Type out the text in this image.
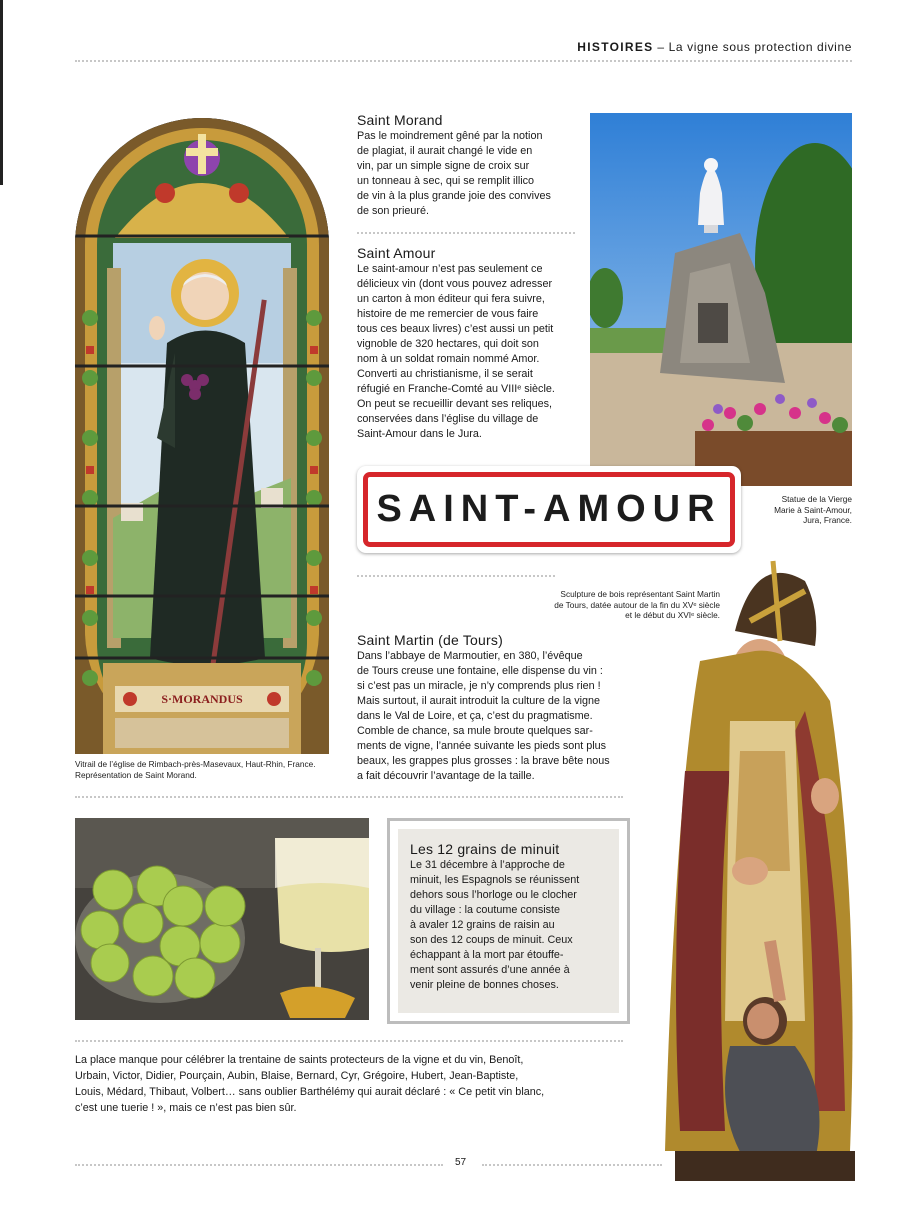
HISTOIRES – La vigne sous protection divine
S·MORANDUS
Saint Morand

Pas le moindrement gêné par la notion
de plagiat, il aurait changé le vide en
vin, par un simple signe de croix sur
un tonneau à sec, qui se remplit illico
de vin à la plus grande joie des convives
de son prieuré.

Saint Amour

Le saint-amour n’est pas seulement ce
délicieux vin (dont vous pouvez adresser
un carton à mon éditeur qui fera suivre,
histoire de me remercier de vous faire
tous ces beaux livres) c’est aussi un petit
vignoble de 320 hectares, qui doit son
nom à un soldat romain nommé Amor.
Converti au christianisme, il se serait
réfugié en Franche-Comté au VIIIᵉ siècle.
On peut se recueillir devant ses reliques,
conservées dans l’église du village de
Saint-Amour dans le Jura.

SAINT-AMOUR	Statue de la Vierge
Marie à Saint-Amour,
Jura, France.
Sculpture de bois représentant Saint Martin
de Tours, datée autour de la fin du XVᵉ siècle
et le début du XVIᵉ siècle.
Saint Martin (de Tours)

Dans l’abbaye de Marmoutier, en 380, l’évêque
de Tours creuse une fontaine, elle dispense du vin :
si c’est pas un miracle, je n’y comprends plus rien !
Mais surtout, il aurait introduit la culture de la vigne
dans le Val de Loire, et ça, c’est du pragmatisme.
Comble de chance, sa mule broute quelques sar-
ments de vigne, l’année suivante les pieds sont plus
beaux, les grappes plus grosses : la brave bête nous
a fait découvrir l’avantage de la taille.

Vitrail de l’église de Rimbach-près-Masevaux, Haut-Rhin, France.
Représentation de Saint Morand.
Les 12 grains de minuit

Le 31 décembre à l’approche de
minuit, les Espagnols se réunissent
dehors sous l’horloge ou le clocher
du village : la coutume consiste
à avaler 12 grains de raisin au
son des 12 coups de minuit. Ceux
échappant à la mort par étouffe-
ment sont assurés d’une année à
venir pleine de bonnes choses.

La place manque pour célébrer la trentaine de saints protecteurs de la vigne et du vin, Benoît,
Urbain, Victor, Didier, Pourçain, Aubin, Blaise, Bernard, Cyr, Grégoire, Hubert, Jean-Baptiste,
Louis, Médard, Thibaut, Volbert… sans oublier Barthélémy qui aurait déclaré : « Ce petit vin blanc,
c’est une tuerie ! », mais ce n’est pas bien sûr.

57
